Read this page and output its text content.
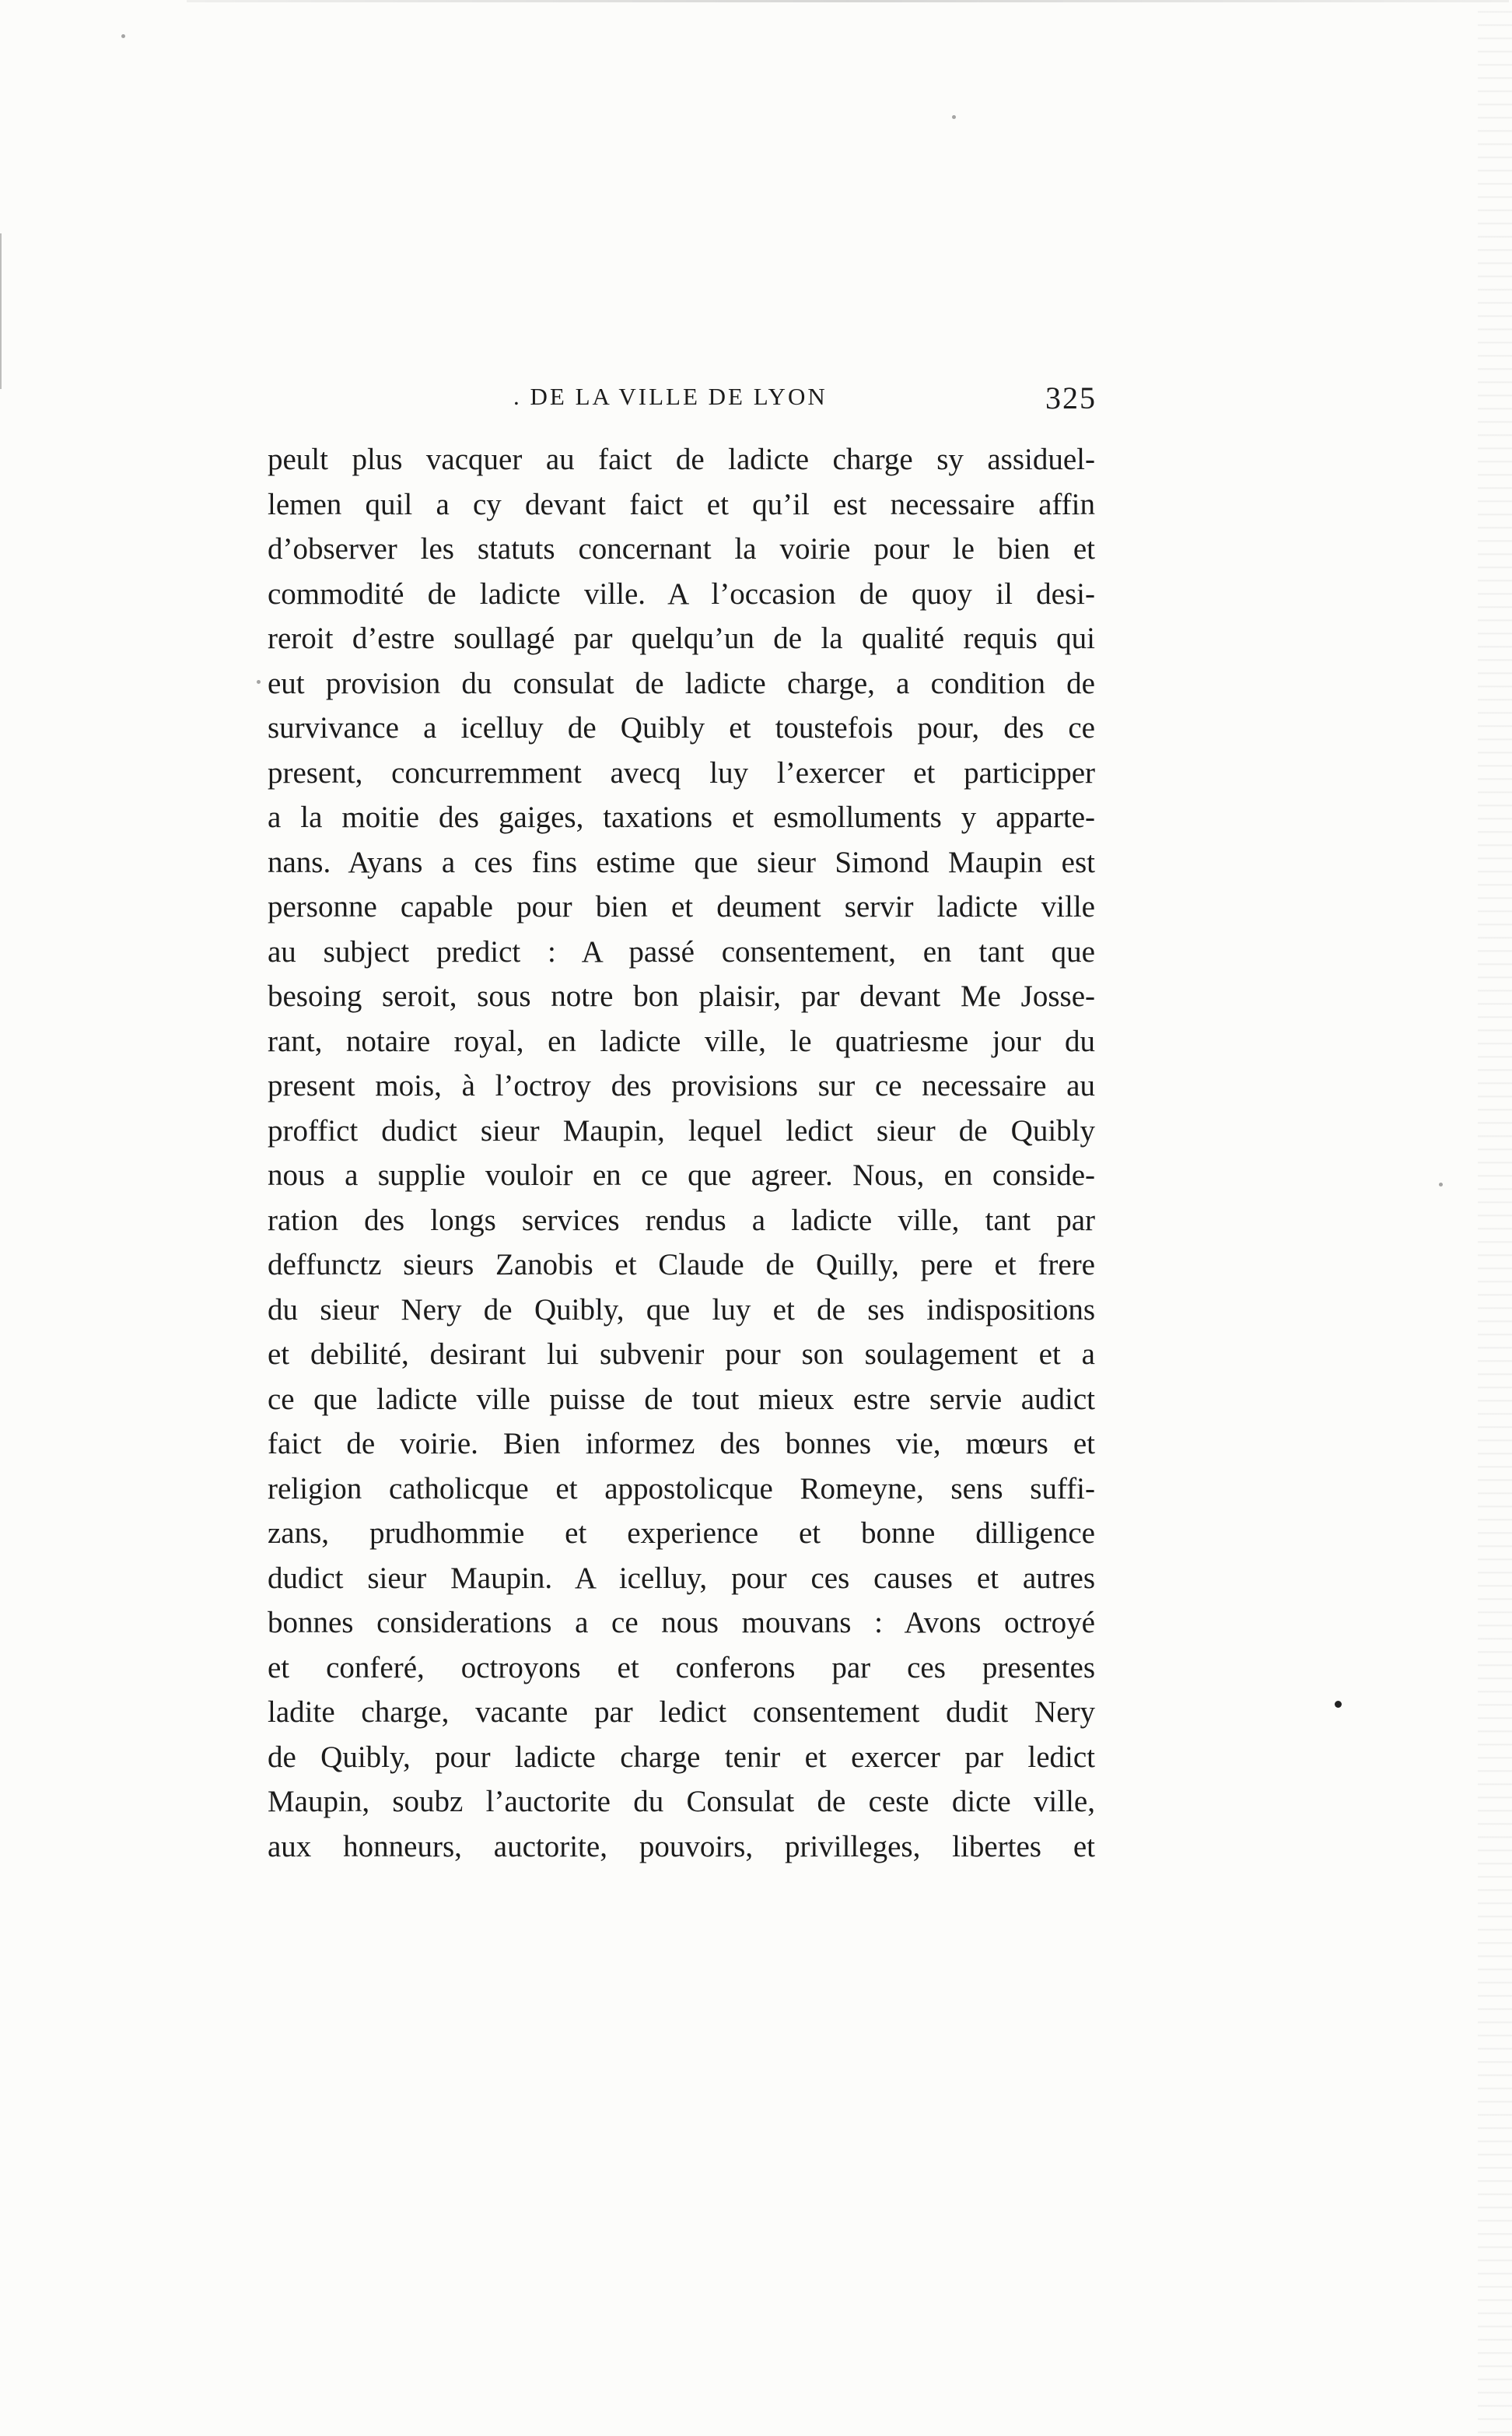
. DE LA VILLE DE LYON	325
peult plus vacquer au faict de ladicte charge sy assiduel-
lemen quil a cy devant faict et qu’il est necessaire affin
d’observer les statuts concernant la voirie pour le bien et
commodité de ladicte ville. A l’occasion de quoy il desi-
reroit d’estre soullagé par quelqu’un de la qualité requis qui
eut provision du consulat de ladicte charge, a condition de
survivance a icelluy de Quibly et toustefois pour, des ce
present, concurremment avecq luy l’exercer et participper
a la moitie des gaiges, taxations et esmolluments y apparte-
nans. Ayans a ces fins estime que sieur Simond Maupin est
personne capable pour bien et deument servir ladicte ville
au subject predict : A passé consentement, en tant que
besoing seroit, sous notre bon plaisir, par devant Me Josse-
rant, notaire royal, en ladicte ville, le quatriesme jour du
present mois, à l’octroy des provisions sur ce necessaire au
proffict dudict sieur Maupin, lequel ledict sieur de Quibly
nous a supplie vouloir en ce que agreer. Nous, en conside-
ration des longs services rendus a ladicte ville, tant par
deffunctz sieurs Zanobis et Claude de Quilly, pere et frere
du sieur Nery de Quibly, que luy et de ses indispositions
et debilité, desirant lui subvenir pour son soulagement et a
ce que ladicte ville puisse de tout mieux estre servie audict
faict de voirie. Bien informez des bonnes vie, mœurs et
religion catholicque et appostolicque Romeyne, sens suffi-
zans, prudhommie et experience et bonne dilligence
dudict sieur Maupin. A icelluy, pour ces causes et autres
bonnes considerations a ce nous mouvans : Avons octroyé
et conferé, octroyons et conferons par ces presentes
ladite charge, vacante par ledict consentement dudit Nery
de Quibly, pour ladicte charge tenir et exercer par ledict
Maupin, soubz l’auctorite du Consulat de ceste dicte ville,
aux honneurs, auctorite, pouvoirs, privilleges, libertes et
